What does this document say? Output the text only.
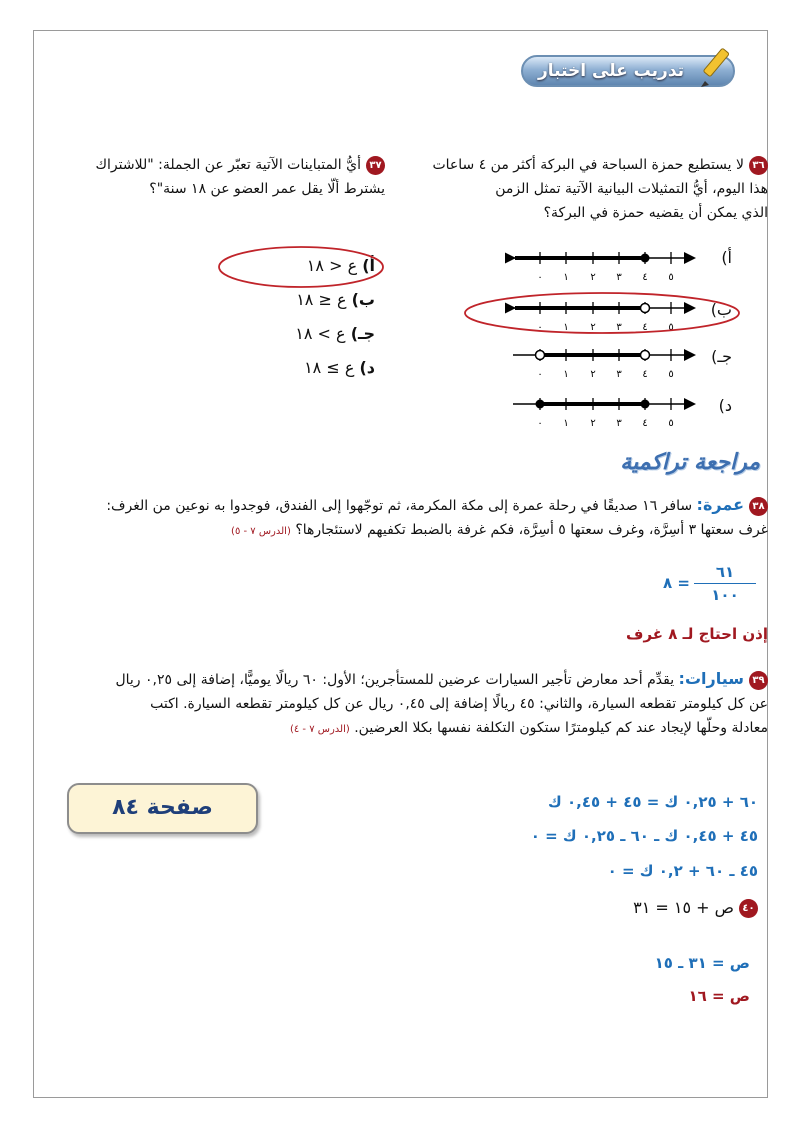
تدريب على اختبار
٣٦لا يستطيع حمزة السباحة في البركة أكثر من ٤ ساعات
هذا اليوم، أيُّ التمثيلات البيانية الآتية تمثل الزمن
الذي يمكن أن يقضيه حمزة في البركة؟
أ)
ب)
جـ)
د)
٠ ١ ٢ ٣ ٤ ٥
٠ ١ ٢ ٣ ٤ ٥
٠ ١ ٢ ٣ ٤ ٥
٠ ١ ٢ ٣ ٤ ٥
٣٧أيُّ المتباينات الآتية تعبّر عن الجملة: "للاشتراك
يشترط ألّا يقل عمر العضو عن ١٨ سنة"؟
أ) ع < ١٨
ب) ع ≤ ١٨
جـ) ع > ١٨
د) ع ≥ ١٨
مراجعة تراكمية
٣٨عمرة: سافر ١٦ صديقًا في رحلة عمرة إلى مكة المكرمة، ثم توجّهوا إلى الفندق، فوجدوا به نوعين من الغرف:
غرف سعتها ٣ أسِرَّة، وغرف سعتها ٥ أسِرَّة، فكم غرفة بالضبط تكفيهم لاستئجارها؟ (الدرس ٧ - ٥)
٦١
١٠٠
= ٨
إذن احتاج لـ ٨ غرف
٣٩سيارات: يقدِّم أحد معارض تأجير السيارات عرضين للمستأجرين؛ الأول: ٦٠ ريالًا يوميًّا، إضافة إلى ٠,٢٥ ريال
عن كل كيلومتر تقطعه السيارة، والثاني: ٤٥ ريالًا إضافة إلى ٠,٤٥ ريال عن كل كيلومتر تقطعه السيارة. اكتب
معادلة وحلّها لإيجاد عند كم كيلومترًا ستكون التكلفة نفسها بكلا العرضين. (الدرس ٧ - ٤)
٦٠ + ٠,٢٥ ك = ٤٥ + ٠,٤٥ ك
٤٥ + ٠,٤٥ ك ـ ٦٠ ـ ٠,٢٥ ك = ٠
٤٥ ـ ٦٠ + ٠,٢ ك = ٠
٤٠ص + ١٥ = ٣١
ص = ٣١ ـ ١٥
ص = ١٦
صفحة ٨٤
